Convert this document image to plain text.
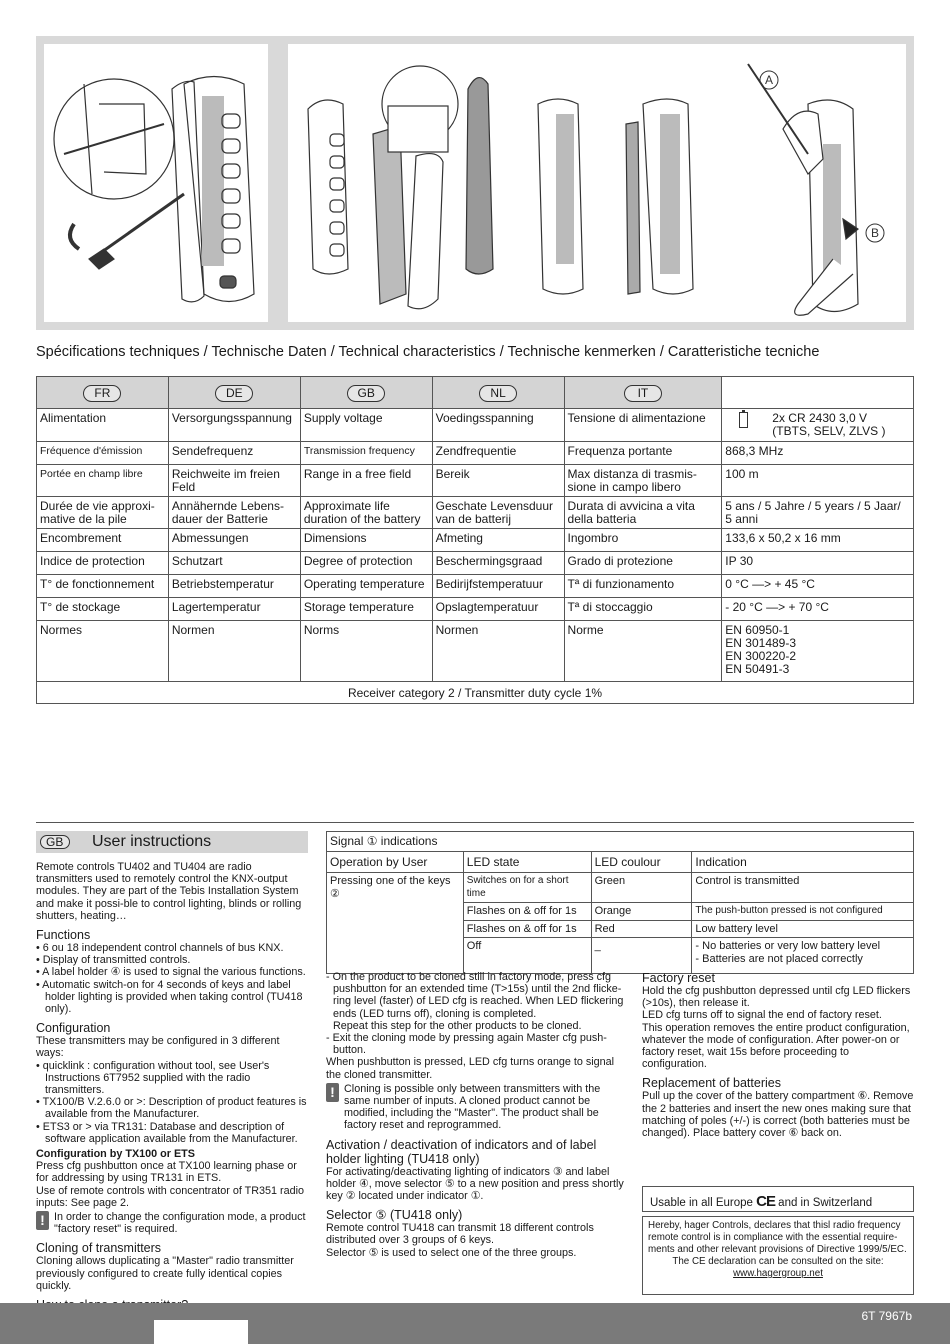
A
B
Spécifications techniques / Technische Daten / Technical characteristics / Technische kenmerken / Caratteristiche tecniche
FR	DE	GB	NL	IT	
Alimentation	Versorgungsspannung	Supply voltage	Voedingsspanning	Tensione di alimentazione	2x CR 2430 3,0 V
(TBTS, SELV, ZLVS )

Fréquence d'émission	Sendefrequenz	Transmission frequency	Zendfrequentie	Frequenza portante	868,3 MHz
Portée en champ libre	Reichweite im freien Feld	Range in a free field	Bereik	Max distanza di trasmis-sione in campo libero	100 m
Durée de vie approxi-mative de la pile	Annähernde Lebens-dauer der Batterie	Approximate life duration of the battery	Geschate Levensduur van de batterij	Durata di avvicina a vita della batteria	5 ans / 5 Jahre / 5 years / 5 Jaar/ 5 anni
Encombrement	Abmessungen	Dimensions	Afmeting	Ingombro	133,6 x 50,2 x 16 mm
Indice de protection	Schutzart	Degree of protection	Beschermingsgraad	Grado di protezione	IP 30
T° de fonctionnement	Betriebstemperatur	Operating temperature	Bedirijfstemperatuur	Tª di funzionamento	0 °C —> + 45 °C
T° de stockage	Lagertemperatur	Storage temperature	Opslagtemperatuur	Tª di stoccaggio	- 20 °C —> + 70 °C
Normes	Normen	Norms	Normen	Norme	EN 60950-1
EN 301489-3
EN 300220-2
EN 50491-3
Receiver category 2 / Transmitter duty cycle 1%					
GB	User instructions

Remote controls TU402 and TU404 are radio transmitters used to remotely control the KNX-output modules. They are part of the Tebis Installation System and make it possi-ble to control lighting, blinds or rolling shutters, heating…

Functions
• 6 ou 18 independent control channels of bus KNX.
• Display of transmitted controls.
• A label holder ④ is used to signal the various functions.
• Automatic switch-on for 4 seconds of keys and label holder lighting is provided when taking control (TU418 only).
Configuration

These transmitters may be configured in 3 different ways:

• quicklink : configuration without tool, see User's Instructions 6T7952 supplied with the radio transmitters.
• TX100/B V.2.6.0 or >: Description of product features is available from the Manufacturer.
• ETS3 or > via TR131: Database and description of software application available from the Manufacturer.
Configuration by TX100 or ETS

Press cfg pushbutton once at TX100 learning phase or for addressing by using TR131 in ETS.

Use of remote controls with concentrator of TR351 radio inputs: See page 2.

! In order to change the configuration mode, a product "factory reset" is required.
Cloning of transmitters

Cloning allows duplicating a "Master" radio transmitter previously configured to create fully identical copies quickly.

Signal ① indications			
Operation by User	LED state	LED coulour	Indication
Pressing one of the keys ②	Switches on for a short time	Green	Control is transmitted
	Flashes on & off for 1s	Orange	The push-button pressed is not configured
	Flashes on & off for 1s	Red	Low battery level
	Off	_	- No batteries or very low battery level
- Batteries are not placed correctly

- On the product to be cloned still in factory mode, press cfg pushbutton for an extended time (T>15s) until the 2nd flicke-ring level (faster) of LED cfg is reached. When LED flickering ends (LED turns off), cloning is completed.

Repeat this step for the other products to be cloned.

- Exit the cloning mode by pressing again Master cfg push-button.

When pushbutton is pressed, LED cfg turns orange to signal the cloned transmitter.

! Cloning is possible only between transmitters with the same number of inputs. A cloned product cannot be modified, including the "Master". The product shall be factory reset and reprogrammed.
Activation / deactivation of indicators and of label holder lighting (TU418 only)

For activating/deactivating lighting of indicators ③ and label holder ④, move selector ⑤ to a new position and press shortly key ② located under indicator ①.

Selector ⑤ (TU418 only)

Remote control TU418 can transmit 18 different controls distributed over 3 groups of 6 keys.

Selector ⑤ is used to select one of the three groups.

Factory reset

Hold the cfg pushbutton depressed until cfg LED flickers (>10s), then release it.

LED cfg turns off to signal the end of factory reset.

This operation removes the entire product configuration, whatever the mode of configuration. After power-on or factory reset, wait 15s before proceeding to configuration.

Replacement of batteries

Pull up the cover of the battery compartment ⑥. Remove the 2 batteries and insert the new ones making sure that matching of poles (+/-) is correct (both batteries must be changed). Place battery cover ⑥ back on.

Usable in all Europe CE and in Switzerland

Hereby, hager Controls, declares that thisl radio frequency remote control is in compliance with the essential require-ments and other relevant provisions of Directive 1999/5/EC.

The CE declaration can be consulted on the site:

www.hagergroup.net

6T 7967b
